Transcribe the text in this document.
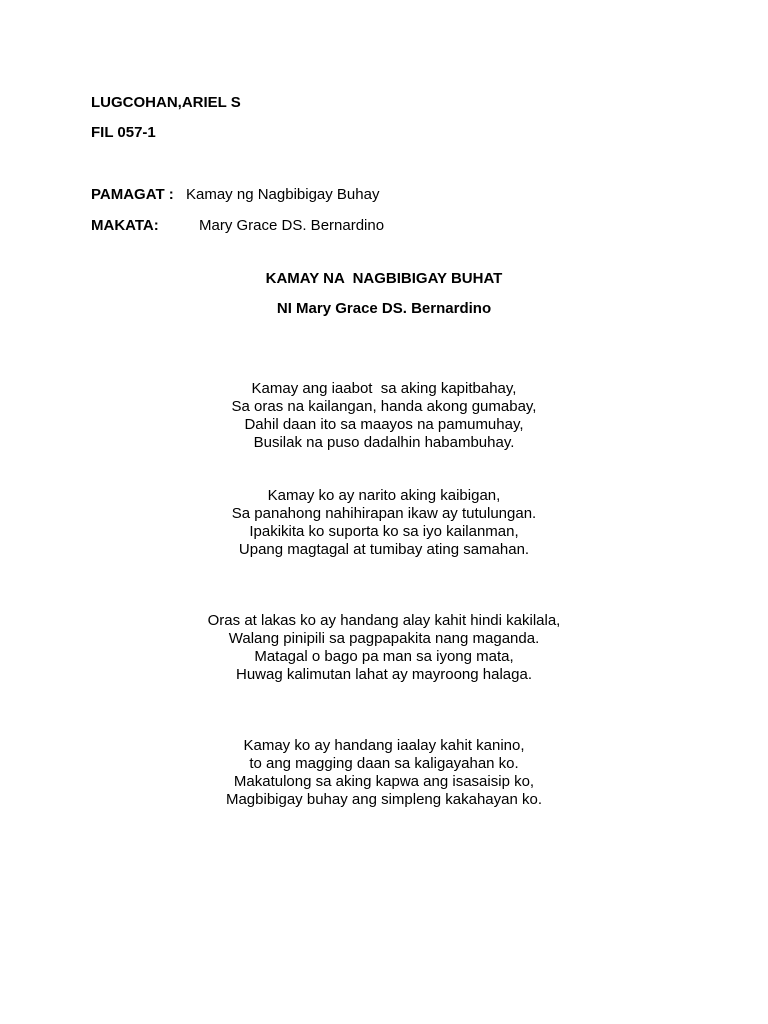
LUGCOHAN,ARIEL S
FIL 057-1
PAMAGAT : Kamay ng Nagbibigay Buhay
MAKATA:	Mary Grace DS. Bernardino
KAMAY NA  NAGBIBIGAY BUHAT
NI Mary Grace DS. Bernardino
Kamay ang iaabot  sa aking kapitbahay,
Sa oras na kailangan, handa akong gumabay,
Dahil daan ito sa maayos na pamumuhay,
Busilak na puso dadalhin habambuhay.
Kamay ko ay narito aking kaibigan,
Sa panahong nahihirapan ikaw ay tutulungan.
Ipakikita ko suporta ko sa iyo kailanman,
Upang magtagal at tumibay ating samahan.
Oras at lakas ko ay handang alay kahit hindi kakilala,
Walang pinipili sa pagpapakita nang maganda.
Matagal o bago pa man sa iyong mata,
Huwag kalimutan lahat ay mayroong halaga.
Kamay ko ay handang iaalay kahit kanino,
to ang magging daan sa kaligayahan ko.
Makatulong sa aking kapwa ang isasaisip ko,
Magbibigay buhay ang simpleng kakahayan ko.
